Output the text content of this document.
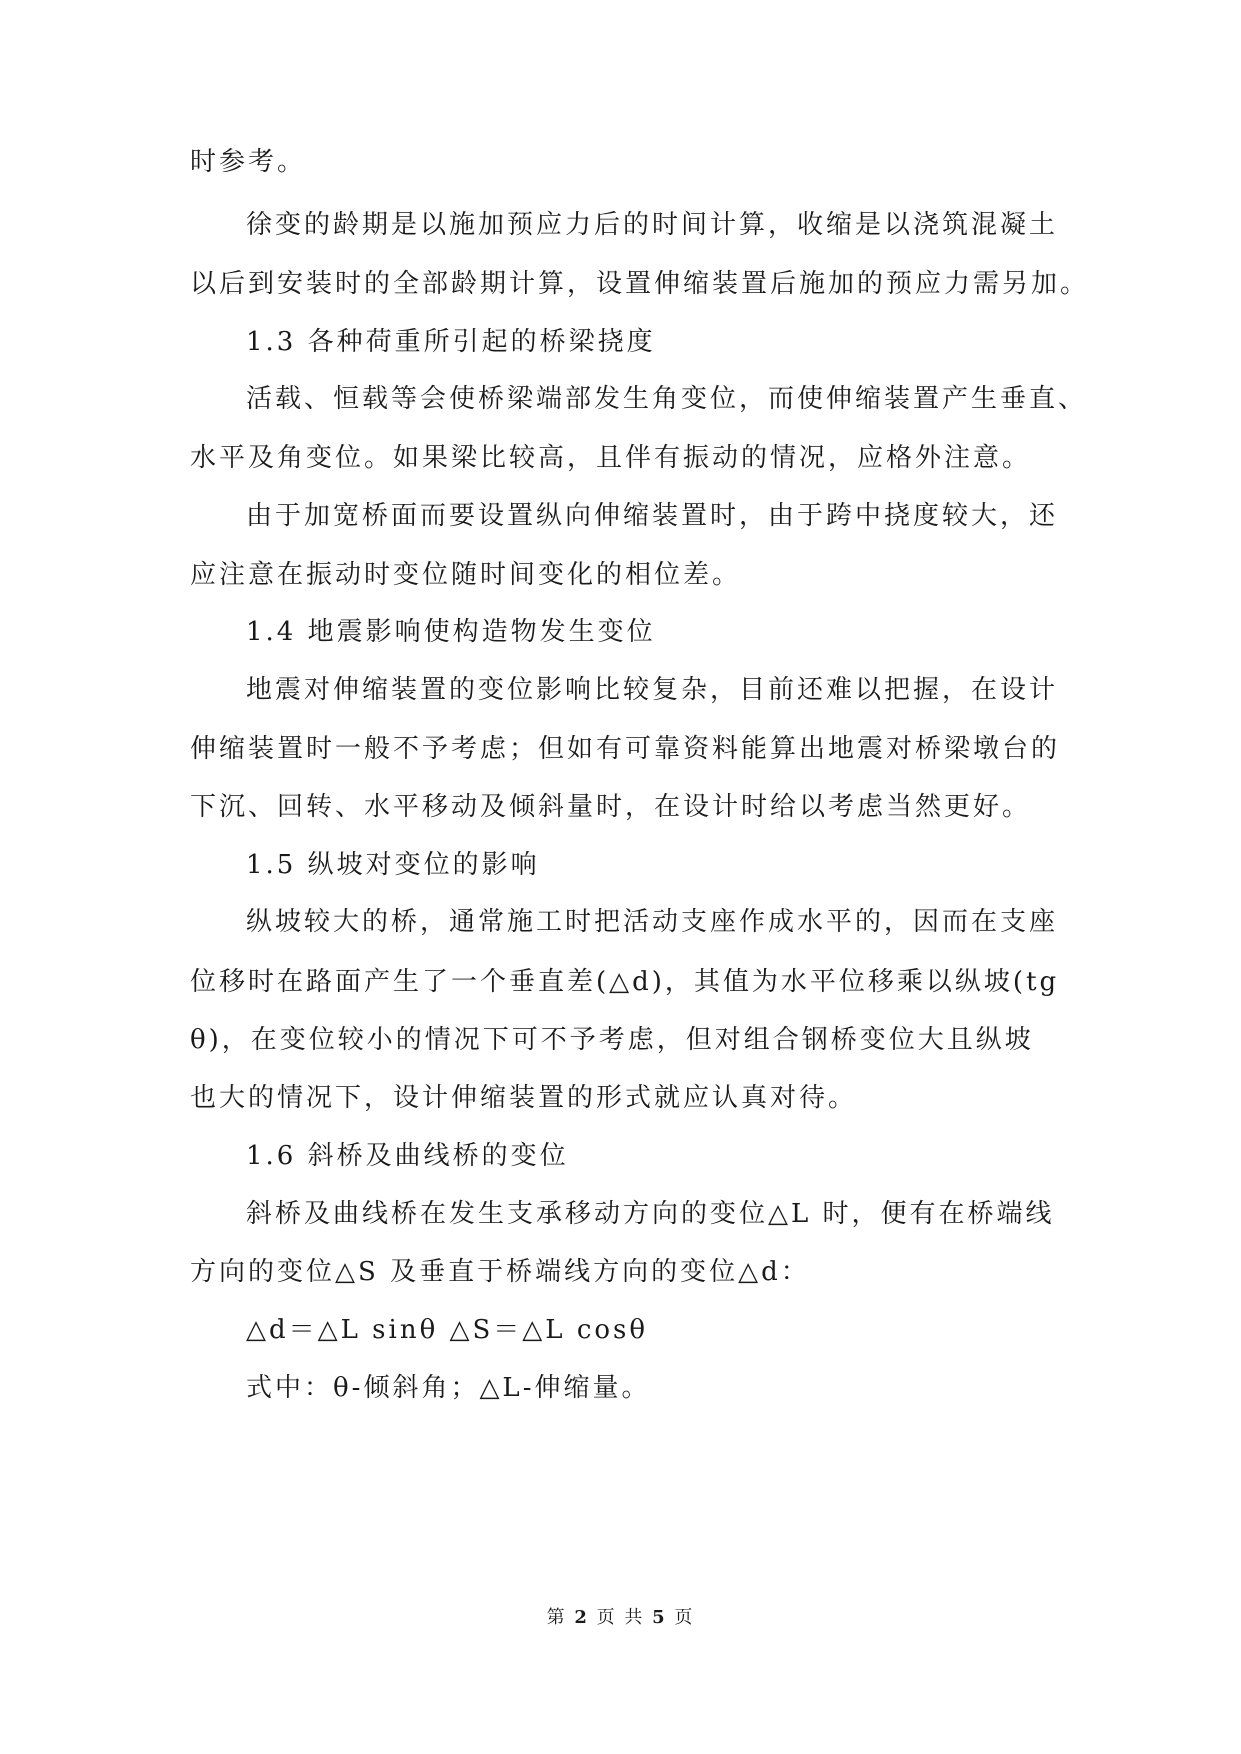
时参考。

徐变的龄期是以施加预应力后的时间计算，收缩是以浇筑混凝土

以后到安装时的全部龄期计算，设置伸缩装置后施加的预应力需另加。

1.3 各种荷重所引起的桥梁挠度

活载、恒载等会使桥梁端部发生角变位，而使伸缩装置产生垂直、

水平及角变位。如果梁比较高，且伴有振动的情况，应格外注意。

由于加宽桥面而要设置纵向伸缩装置时，由于跨中挠度较大，还

应注意在振动时变位随时间变化的相位差。

1.4 地震影响使构造物发生变位

地震对伸缩装置的变位影响比较复杂，目前还难以把握，在设计

伸缩装置时一般不予考虑；但如有可靠资料能算出地震对桥梁墩台的

下沉、回转、水平移动及倾斜量时，在设计时给以考虑当然更好。

1.5 纵坡对变位的影响

纵坡较大的桥，通常施工时把活动支座作成水平的，因而在支座

位移时在路面产生了一个垂直差(△d)，其值为水平位移乘以纵坡(tg

θ)，在变位较小的情况下可不予考虑，但对组合钢桥变位大且纵坡

也大的情况下，设计伸缩装置的形式就应认真对待。

1.6 斜桥及曲线桥的变位

斜桥及曲线桥在发生支承移动方向的变位△L 时，便有在桥端线

方向的变位△S 及垂直于桥端线方向的变位△d：

△d＝△L sinθ △S＝△L cosθ

式中：θ-倾斜角；△L-伸缩量。

第 2 页 共 5 页
